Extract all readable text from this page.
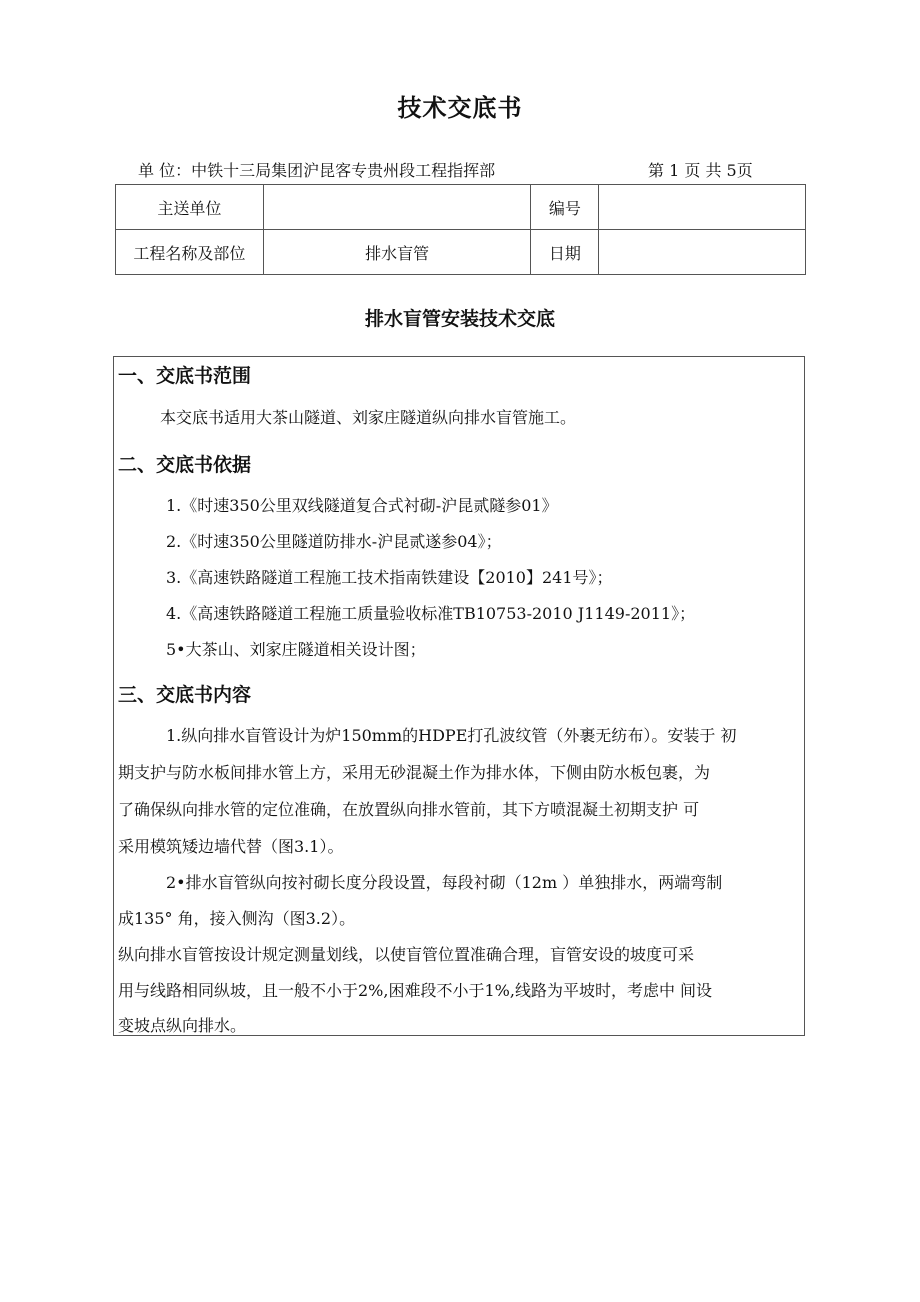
技术交底书
单 位：中铁十三局集团沪昆客专贵州段工程指挥部	第 1 页 共 5页
主送单位		编号	
工程名称及部位	排水盲管	日期	
排水盲管安装技术交底
一、交底书范围
本交底书适用大茶山隧道、刘家庄隧道纵向排水盲管施工。
二、交底书依据
1.《时速350公里双线隧道复合式衬砌-沪昆贰隧参01》
2.《时速350公里隧道防排水-沪昆贰遂参04》；
3.《高速铁路隧道工程施工技术指南铁建设【2010】241号》；
4.《高速铁路隧道工程施工质量验收标准TB10753-2010 J1149-2011》；
5•大茶山、刘家庄隧道相关设计图；
三、交底书内容
1.纵向排水盲管设计为炉150mm的HDPE打孔波纹管（外裹无纺布）。安装于 初
期支护与防水板间排水管上方，采用无砂混凝土作为排水体，下侧由防水板包裹，为
了确保纵向排水管的定位准确，在放置纵向排水管前，其下方喷混凝土初期支护 可
采用模筑矮边墙代替（图3.1）。
2•排水盲管纵向按衬砌长度分段设置，每段衬砌（12m ）单独排水，两端弯制
成135° 角，接入侧沟（图3.2）。
纵向排水盲管按设计规定测量划线，以使盲管位置准确合理，盲管安设的坡度可采
用与线路相同纵坡，且一般不小于2%,困难段不小于1%,线路为平坡时，考虑中 间设
变坡点纵向排水。
